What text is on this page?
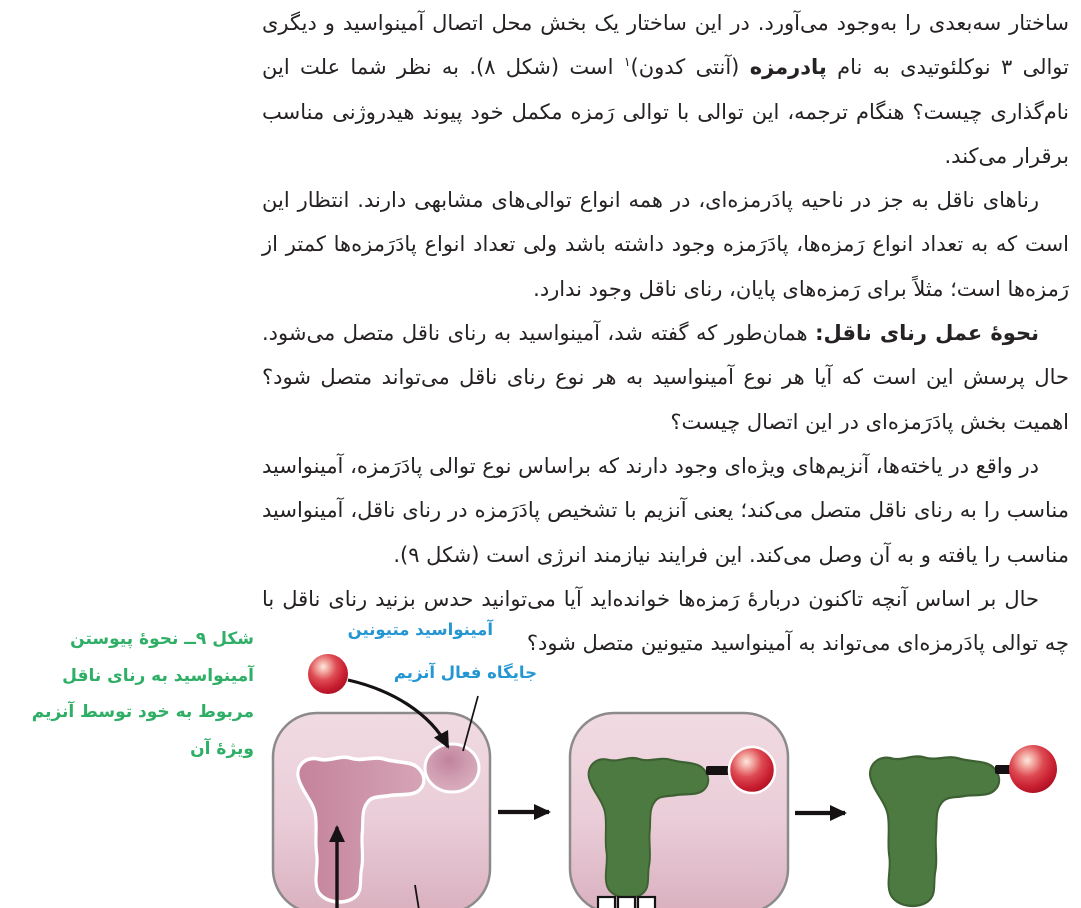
ساختار سه‌بعدی را به‌وجود می‌آورد. در این ساختار یک بخش محل اتصال آمینواسید و دیگری توالی ۳ نوکلئوتیدی به نام پادرمزه (آنتی کدون)$^۱$ است (شکل ۸). به نظر شما علت این نام‌گذاری چیست؟ هنگام ترجمه، این توالی با توالی رَمزه مکمل خود پیوند هیدروژنی مناسب برقرار می‌کند.

رناهای ناقل به جز در ناحیه پادَرمزه‌ای، در همه انواع توالی‌های مشابهی دارند. انتظار این است که به تعداد انواع رَمزه‌ها، پادَرَمزه وجود داشته باشد ولی تعداد انواع پادَرَمزه‌ها کمتر از رَمزه‌ها است؛ مثلاً برای رَمزه‌های پایان، رنای ناقل وجود ندارد.

نحوهٔ عمل رنای ناقل: همان‌طور که گفته شد، آمینواسید به رنای ناقل متصل می‌شود. حال پرسش این است که آیا هر نوع آمینواسید به هر نوع رنای ناقل می‌تواند متصل شود؟ اهمیت بخش پادَرَمزه‌ای در این اتصال چیست؟

در واقع در یاخته‌ها، آنزیم‌های ویژه‌ای وجود دارند که براساس نوع توالی پادَرَمزه، آمینواسید مناسب را به رنای ناقل متصل می‌کند؛ یعنی آنزیم با تشخیص پادَرَمزه در رنای ناقل، آمینواسید مناسب را یافته و به آن وصل می‌کند. این فرایند نیازمند انرژی است (شکل ۹).

حال بر اساس آنچه تاکنون دربارهٔ رَمزه‌ها خوانده‌اید آیا می‌توانید حدس بزنید رنای ناقل با چه توالی پادَرمزه‌ای می‌تواند به آمینواسید متیونین متصل شود؟

شکل ۹ــ نحوهٔ پیوستن آمینواسید به رنای ناقل مربوط به خود توسط آنزیم ویژهٔ آن
آمینواسید متیونین
جایگاه فعال آنزیم
